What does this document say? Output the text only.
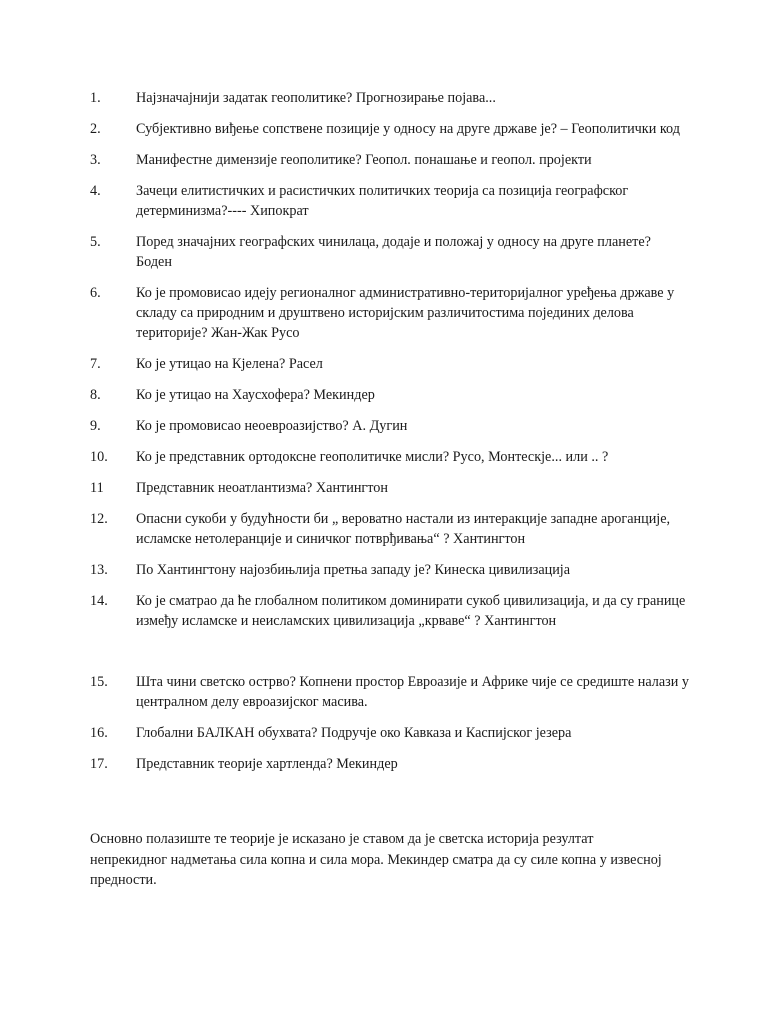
1.	Најзначајнији задатак геополитике? Прогнозирање појава...
2.	Субјективно виђење сопствене позиције у односу на друге државе је? – Геополитички код
3.	Манифестне димензије геополитике? Геопол. понашање и геопол. пројекти
4.	Зачеци елитистичких и расистичких политичких теорија са позиција географског детерминизма?---- Хипократ
5.	Поред значајних географских чинилаца, додаје и положај у односу на друге планете? Боден
6.	Ко је промовисао идеју регионалног административно-територијалног уређења државе у складу са природним и друштвено историјским различитостима појединих делова територије? Жан-Жак Русо
7.	Ко је утицао на Кјелена? Расел
8.	Ко је утицао на Хаусхофера? Мекиндер
9.	Ко је промовисао неоевроазијство? А. Дугин
10.	Ко је представник ортодоксне геополитичке мисли? Русо, Монтескје... или .. ?
11	Представник неоатлантизма? Хантингтон
12.	Опасни сукоби у будућности би „ вероватно настали из интеракције западне ароганције, исламске нетолеранције и синичког потврђивања“ ? Хантингтон
13.	По Хантингтону најозбињлија претња западу је? Кинеска цивилизација
14.	Ко је сматрао да ће глобалном политиком доминирати сукоб цивилизација, и да су границе између исламске и неисламских цивилизација „крваве“ ? Хантингтон
15.	Шта чини светско острво? Копнени простор Евроазије и Африке чије се средиште налази у централном делу евроазијског масива.
16.	Глобални БАЛКАН обухвата? Подручје око Кавказа и Каспијског језера
17.	Представник теорије хартленда? Мекиндер

Основно полазиште те теорије је исказано је ставом да је светска историја резултат непрекидног надметања сила копна и сила мора. Мекиндер сматра да су силе копна у извесној предности.
